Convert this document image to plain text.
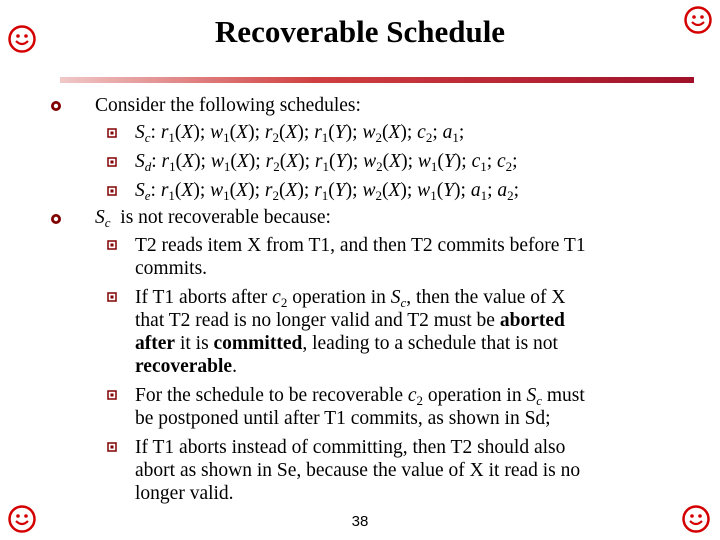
Recoverable Schedule
Consider the following schedules:
$S_c$: $r_1(X)$; $w_1(X)$; $r_2(X)$; $r_1(Y)$; $w_2(X)$; $c_2$; $a_1$;
$S_d$: $r_1(X)$; $w_1(X)$; $r_2(X)$; $r_1(Y)$; $w_2(X)$; $w_1(Y)$; $c_1$; $c_2$;
$S_e$: $r_1(X)$; $w_1(X)$; $r_2(X)$; $r_1(Y)$; $w_2(X)$; $w_1(Y)$; $a_1$; $a_2$;
$S_c$ is not recoverable because:
T2 reads item X from T1, and then T2 commits before T1
commits.
If T1 aborts after $c_2$ operation in $S_c$, then the value of X
that T2 read is no longer valid and T2 must be aborted
after it is committed, leading to a schedule that is not
recoverable.
For the schedule to be recoverable $c_2$ operation in $S_c$ must
be postponed until after T1 commits, as shown in Sd;
If T1 aborts instead of committing, then T2 should also
abort as shown in Se, because the value of X it read is no
longer valid.
38
